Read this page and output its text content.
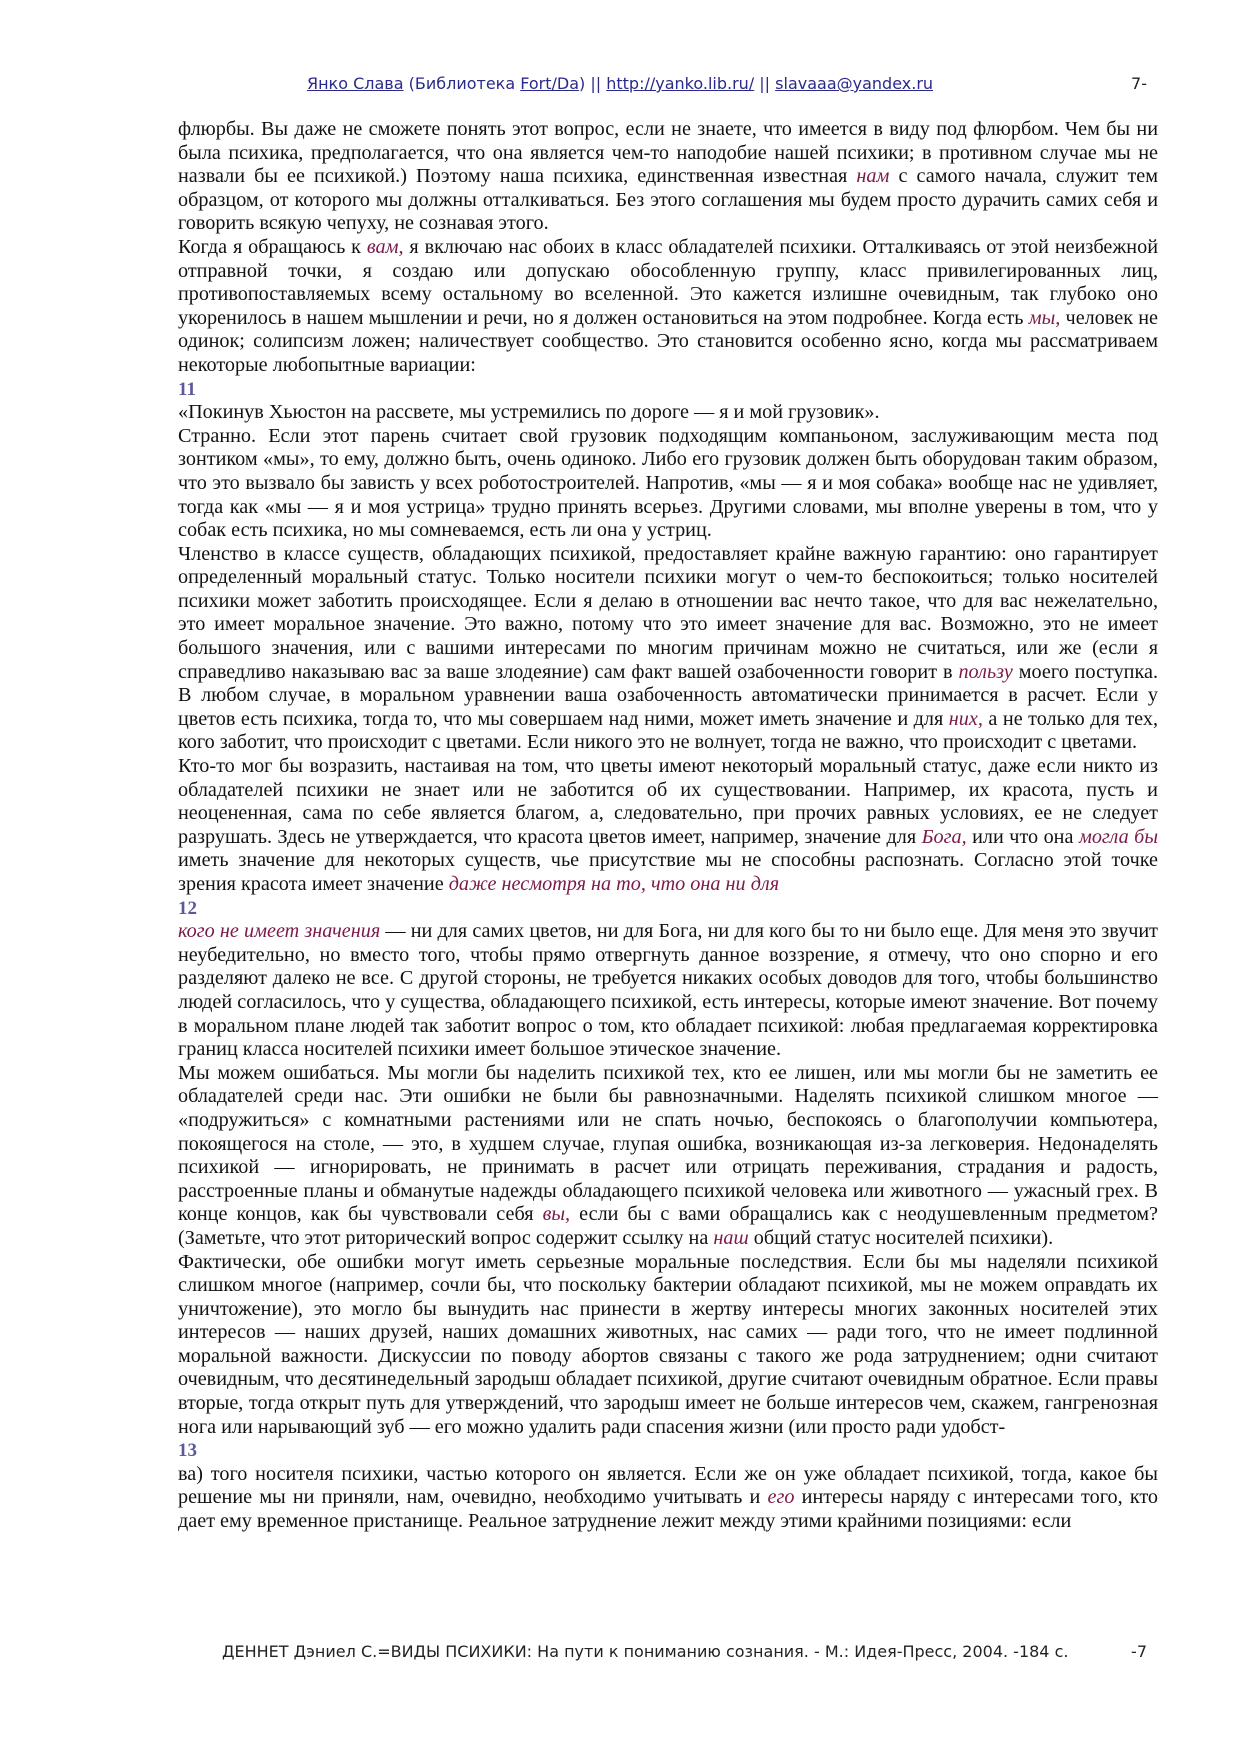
Янко Слава (Библиотека Fort/Da) || http://yanko.lib.ru/ || slavaaa@yandex.ru	7-

флюрбы. Вы даже не сможете понять этот вопрос, если не знаете, что имеется в виду под флюрбом. Чем бы ни была психика, предполагается, что она является чем-то наподобие нашей психики; в противном случае мы не назвали бы ее психикой.) Поэтому наша психика, единственная известная нам с самого начала, служит тем образцом, от которого мы должны отталкиваться. Без этого соглашения мы будем просто дурачить самих себя и говорить всякую чепуху, не сознавая этого.

Когда я обращаюсь к вам, я включаю нас обоих в класс обладателей психики. Отталкиваясь от этой неизбежной отправной точки, я создаю или допускаю обособленную группу, класс привилегированных лиц, противопоставляемых всему остальному во вселенной. Это кажется излишне очевидным, так глубоко оно укоренилось в нашем мышлении и речи, но я должен остановиться на этом подробнее. Когда есть мы, человек не одинок; солипсизм ложен; наличествует сообщество. Это становится особенно ясно, когда мы рассматриваем некоторые любопытные вариации:

11

«Покинув Хьюстон на рассвете, мы устремились по дороге — я и мой грузовик».

Странно. Если этот парень считает свой грузовик подходящим компаньоном, заслуживающим места под зонтиком «мы», то ему, должно быть, очень одиноко. Либо его грузовик должен быть оборудован таким образом, что это вызвало бы зависть у всех роботостроителей. Напротив, «мы — я и моя собака» вообще нас не удивляет, тогда как «мы — я и моя устрица» трудно принять всерьез. Другими словами, мы вполне уверены в том, что у собак есть психика, но мы сомневаемся, есть ли она у устриц.

Членство в классе существ, обладающих психикой, предоставляет крайне важную гарантию: оно гарантирует определенный моральный статус. Только носители психики могут о чем-то беспокоиться; только носителей психики может заботить происходящее. Если я делаю в отношении вас нечто такое, что для вас нежелательно, это имеет моральное значение. Это важно, потому что это имеет значение для вас. Возможно, это не имеет большого значения, или с вашими интересами по многим причинам можно не считаться, или же (если я справедливо наказываю вас за ваше злодеяние) сам факт вашей озабоченности говорит в пользу моего поступка. В любом случае, в моральном уравнении ваша озабоченность автоматически принимается в расчет. Если у цветов есть психика, тогда то, что мы совершаем над ними, может иметь значение и для них, а не только для тех, кого заботит, что происходит с цветами. Если никого это не волнует, тогда не важно, что происходит с цветами.

Кто-то мог бы возразить, настаивая на том, что цветы имеют некоторый моральный статус, даже если никто из обладателей психики не знает или не заботится об их существовании. Например, их красота, пусть и неоцененная, сама по себе является благом, а, следовательно, при прочих равных условиях, ее не следует разрушать. Здесь не утверждается, что красота цветов имеет, например, значение для Бога, или что она могла бы иметь значение для некоторых существ, чье присутствие мы не способны распознать. Согласно этой точке зрения красота имеет значение даже несмотря на то, что она ни для

12

кого не имеет значения — ни для самих цветов, ни для Бога, ни для кого бы то ни было еще. Для меня это звучит неубедительно, но вместо того, чтобы прямо отвергнуть данное воззрение, я отмечу, что оно спорно и его разделяют далеко не все. С другой стороны, не требуется никаких особых доводов для того, чтобы большинство людей согласилось, что у существа, обладающего психикой, есть интересы, которые имеют значение. Вот почему в моральном плане людей так заботит вопрос о том, кто обладает психикой: любая предлагаемая корректировка границ класса носителей психики имеет большое этическое значение.

Мы можем ошибаться. Мы могли бы наделить психикой тех, кто ее лишен, или мы могли бы не заметить ее обладателей среди нас. Эти ошибки не были бы равнозначными. Наделять психикой слишком многое — «подружиться» с комнатными растениями или не спать ночью, беспокоясь о благополучии компьютера, покоящегося на столе, — это, в худшем случае, глупая ошибка, возникающая из-за легковерия. Недонаделять психикой — игнорировать, не принимать в расчет или отрицать переживания, страдания и радость, расстроенные планы и обманутые надежды обладающего психикой человека или животного — ужасный грех. В конце концов, как бы чувствовали себя вы, если бы с вами обращались как с неодушевленным предметом? (Заметьте, что этот риторический вопрос содержит ссылку на наш общий статус носителей психики).

Фактически, обе ошибки могут иметь серьезные моральные последствия. Если бы мы наделяли психикой слишком многое (например, сочли бы, что поскольку бактерии обладают психикой, мы не можем оправдать их уничтожение), это могло бы вынудить нас принести в жертву интересы многих законных носителей этих интересов — наших друзей, наших домашних животных, нас самих — ради того, что не имеет подлинной моральной важности. Дискуссии по поводу абортов связаны с такого же рода затруднением; одни считают очевидным, что десятинедельный зародыш обладает психикой, другие считают очевидным обратное. Если правы вторые, тогда открыт путь для утверждений, что зародыш имеет не больше интересов чем, скажем, гангренозная нога или нарывающий зуб — его можно удалить ради спасения жизни (или просто ради удобст-

13

ва) того носителя психики, частью которого он является. Если же он уже обладает психикой, тогда, какое бы решение мы ни приняли, нам, очевидно, необходимо учитывать и его интересы наряду с интересами того, кто дает ему временное пристанище. Реальное затруднение лежит между этими крайними позициями: если

ДЕННЕТ Дэниел С.=ВИДЫ ПСИХИКИ: На пути к пониманию сознания. - М.: Идея-Пресс, 2004. -184 с.	-7
